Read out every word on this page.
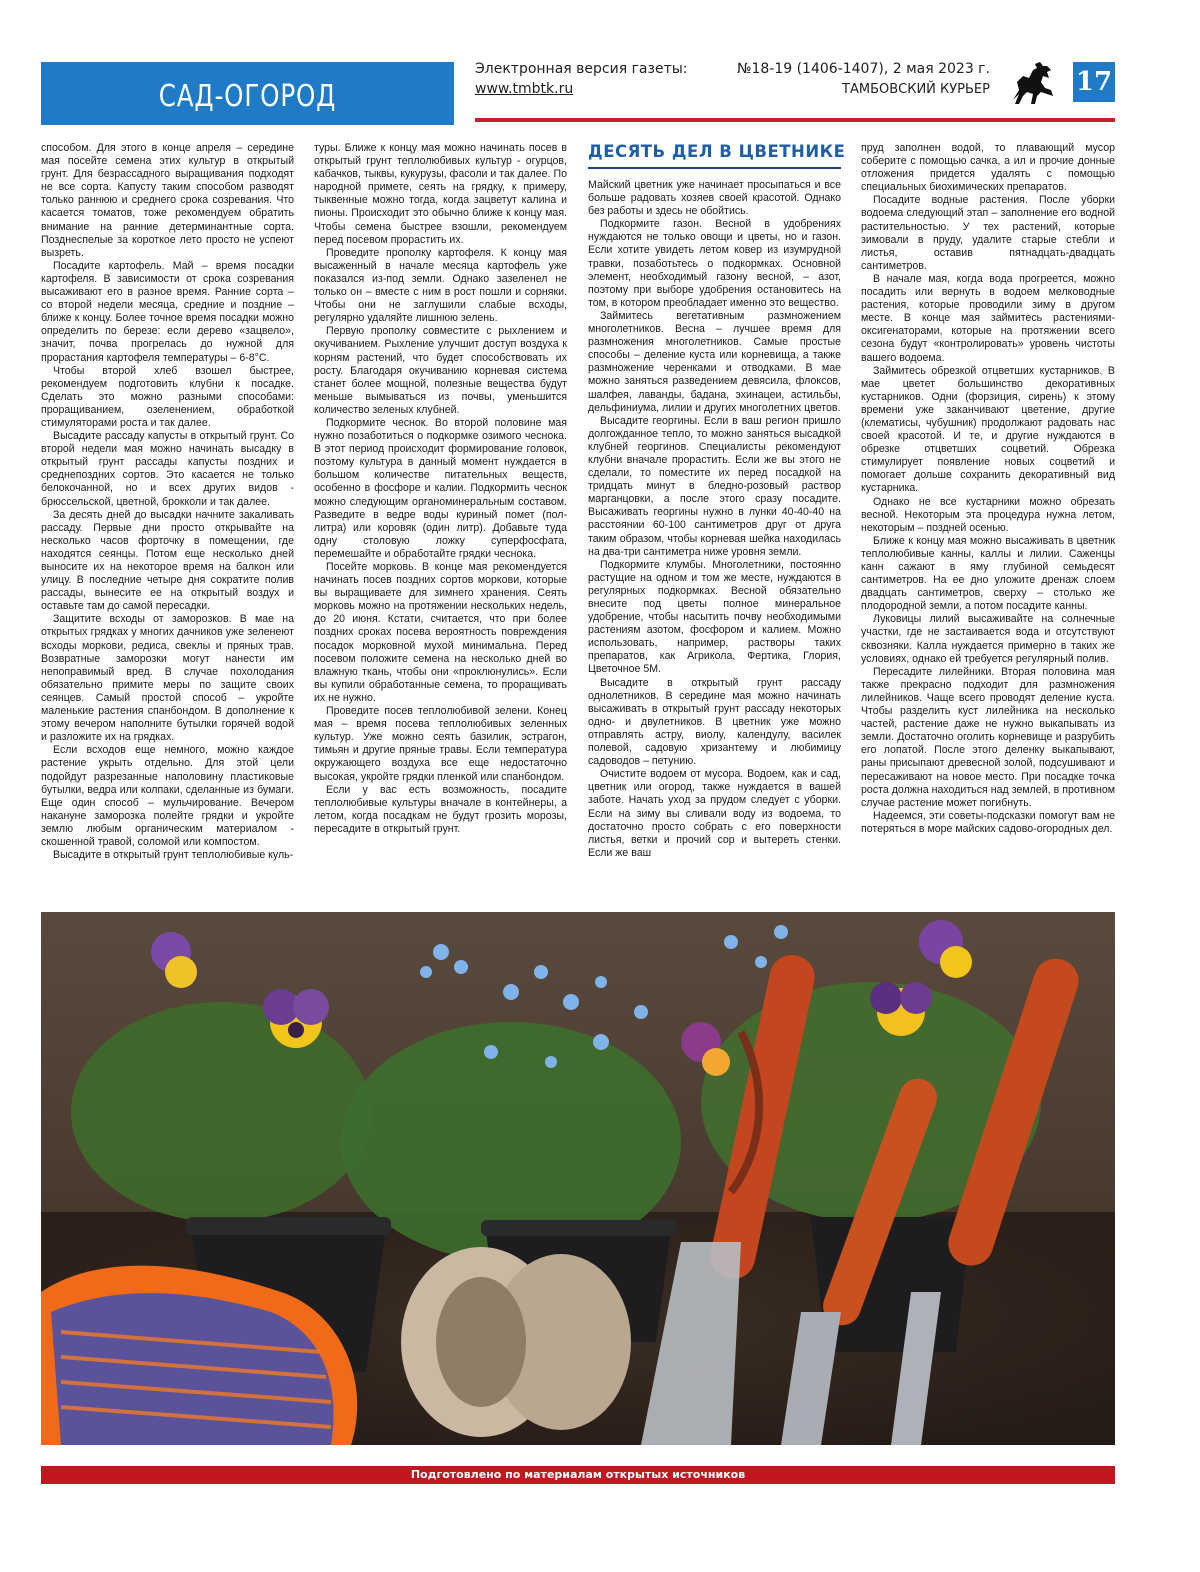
САД-ОГОРОД
Электронная версия газеты:
www.tmbtk.ru
№18-19 (1406-1407), 2 мая 2023 г.
ТАМБОВСКИЙ КУРЬЕР	17

способом. Для этого в конце апреля – середине мая посейте семена этих культур в открытый грунт. Для безрассадного выращивания подходят не все сорта. Капусту таким способом разводят только раннюю и среднего срока созревания. Что касается томатов, тоже рекомендуем обратить внимание на ранние детерминантные сорта. Позднеспелые за короткое лето просто не успеют вызреть.

Посадите картофель. Май – время посадки картофеля. В зависимости от срока созревания высаживают его в разное время. Ранние сорта – со второй недели месяца, средние и поздние – ближе к концу. Более точное время посадки можно определить по березе: если дерево «зацвело», значит, почва прогрелась до нужной для прорастания картофеля температуры – 6-8°С.

Чтобы второй хлеб взошел быстрее, рекомендуем подготовить клубни к посадке. Сделать это можно разными способами: проращиванием, озеленением, обработкой стимуляторами роста и так далее.

Высадите рассаду капусты в открытый грунт. Со второй недели мая можно начинать высадку в открытый грунт рассады капусты поздних и среднепоздних сортов. Это касается не только белокочанной, но и всех других видов - брюссельской, цветной, брокколи и так далее.

За десять дней до высадки начните закаливать рассаду. Первые дни просто открывайте на несколько часов форточку в помещении, где находятся сеянцы. Потом еще несколько дней выносите их на некоторое время на балкон или улицу. В последние четыре дня сократите полив рассады, вынесите ее на открытый воздух и оставьте там до самой пересадки.

Защитите всходы от заморозков. В мае на открытых грядках у многих дачников уже зеленеют всходы моркови, редиса, свеклы и пряных трав. Возвратные заморозки могут нанести им непоправимый вред. В случае похолодания обязательно примите меры по защите своих сеянцев. Самый простой способ – укройте маленькие растения спанбондом. В дополнение к этому вечером наполните бутылки горячей водой и разложите их на грядках.

Если всходов еще немного, можно каждое растение укрыть отдельно. Для этой цели подойдут разрезанные наполовину пластиковые бутылки, ведра или колпаки, сделанные из бумаги. Еще один способ – мульчирование. Вечером накануне заморозка полейте грядки и укройте землю любым органическим материалом - скошенной травой, соломой или компостом.

Высадите в открытый грунт теплолюбивые куль-

туры. Ближе к концу мая можно начинать посев в открытый грунт теплолюбивых культур - огурцов, кабачков, тыквы, кукурузы, фасоли и так далее. По народной примете, сеять на грядку, к примеру, тыквенные можно тогда, когда зацветут калина и пионы. Происходит это обычно ближе к концу мая. Чтобы семена быстрее взошли, рекомендуем перед посевом прорастить их.

Проведите прополку картофеля. К концу мая высаженный в начале месяца картофель уже показался из-под земли. Однако зазеленел не только он – вместе с ним в рост пошли и сорняки. Чтобы они не заглушили слабые всходы, регулярно удаляйте лишнюю зелень.

Первую прополку совместите с рыхлением и окучиванием. Рыхление улучшит доступ воздуха к корням растений, что будет способствовать их росту. Благодаря окучиванию корневая система станет более мощной, полезные вещества будут меньше вымываться из почвы, уменьшится количество зеленых клубней.

Подкормите чеснок. Во второй половине мая нужно позаботиться о подкормке озимого чеснока. В этот период происходит формирование головок, поэтому культура в данный момент нуждается в большом количестве питательных веществ, особенно в фосфоре и калии. Подкормить чеснок можно следующим органоминеральным составом. Разведите в ведре воды куриный помет (пол-литра) или коровяк (один литр). Добавьте туда одну столовую ложку суперфосфата, перемешайте и обработайте грядки чеснока.

Посейте морковь. В конце мая рекомендуется начинать посев поздних сортов моркови, которые вы выращиваете для зимнего хранения. Сеять морковь можно на протяжении нескольких недель, до 20 июня. Кстати, считается, что при более поздних сроках посева вероятность повреждения посадок морковной мухой минимальна. Перед посевом положите семена на несколько дней во влажную ткань, чтобы они «проклюнулись». Если вы купили обработанные семена, то проращивать их не нужно.

Проведите посев теплолюбивой зелени. Конец мая – время посева теплолюбивых зеленных культур. Уже можно сеять базилик, эстрагон, тимьян и другие пряные травы. Если температура окружающего воздуха все еще недостаточно высокая, укройте грядки пленкой или спанбондом.

Если у вас есть возможность, посадите теплолюбивые культуры вначале в контейнеры, а летом, когда посадкам не будут грозить морозы, пересадите в открытый грунт.

ДЕСЯТЬ ДЕЛ В ЦВЕТНИКЕ

Майский цветник уже начинает просыпаться и все больше радовать хозяев своей красотой. Однако без работы и здесь не обойтись.

Подкормите газон. Весной в удобрениях нуждаются не только овощи и цветы, но и газон. Если хотите увидеть летом ковер из изумрудной травки, позаботьтесь о подкормках. Основной элемент, необходимый газону весной, – азот, поэтому при выборе удобрения остановитесь на том, в котором преобладает именно это вещество.

Займитесь вегетативным размножением многолетников. Весна – лучшее время для размножения многолетников. Самые простые способы – деление куста или корневища, а также размножение черенками и отводками. В мае можно заняться разведением девясила, флоксов, шалфея, лаванды, бадана, эхинацеи, астильбы, дельфиниума, лилии и других многолетних цветов.

Высадите георгины. Если в ваш регион пришло долгожданное тепло, то можно заняться высадкой клубней георгинов. Специалисты рекомендуют клубни вначале прорастить. Если же вы этого не сделали, то поместите их перед посадкой на тридцать минут в бледно-розовый раствор марганцовки, а после этого сразу посадите. Высаживать георгины нужно в лунки 40-40-40 на расстоянии 60-100 сантиметров друг от друга таким образом, чтобы корневая шейка находилась на два-три сантиметра ниже уровня земли.

Подкормите клумбы. Многолетники, постоянно растущие на одном и том же месте, нуждаются в регулярных подкормках. Весной обязательно внесите под цветы полное минеральное удобрение, чтобы насытить почву необходимыми растениям азотом, фосфором и калием. Можно использовать, например, растворы таких препаратов, как Агрикола, Фертика, Глория, Цветочное 5М.

Высадите в открытый грунт рассаду однолетников. В середине мая можно начинать высаживать в открытый грунт рассаду некоторых одно- и двулетников. В цветник уже можно отправлять астру, виолу, календулу, василек полевой, садовую хризантему и любимицу садоводов – петунию.

Очистите водоем от мусора. Водоем, как и сад, цветник или огород, также нуждается в вашей заботе. Начать уход за прудом следует с уборки. Если на зиму вы сливали воду из водоема, то достаточно просто собрать с его поверхности листья, ветки и прочий сор и вытереть стенки. Если же ваш

пруд заполнен водой, то плавающий мусор соберите с помощью сачка, а ил и прочие донные отложения придется удалять с помощью специальных биохимических препаратов.

Посадите водные растения. После уборки водоема следующий этап – заполнение его водной растительностью. У тех растений, которые зимовали в пруду, удалите старые стебли и листья, оставив пятнадцать-двадцать сантиметров.

В начале мая, когда вода прогреется, можно посадить или вернуть в водоем мелководные растения, которые проводили зиму в другом месте. В конце мая займитесь растениями-оксигенаторами, которые на протяжении всего сезона будут «контролировать» уровень чистоты вашего водоема.

Займитесь обрезкой отцветших кустарников. В мае цветет большинство декоративных кустарников. Одни (форзиция, сирень) к этому времени уже заканчивают цветение, другие (клематисы, чубушник) продолжают радовать нас своей красотой. И те, и другие нуждаются в обрезке отцветших соцветий. Обрезка стимулирует появление новых соцветий и помогает дольше сохранить декоративный вид кустарника.

Однако не все кустарники можно обрезать весной. Некоторым эта процедура нужна летом, некоторым – поздней осенью.

Ближе к концу мая можно высаживать в цветник теплолюбивые канны, каллы и лилии. Саженцы канн сажают в яму глубиной семьдесят сантиметров. На ее дно уложите дренаж слоем двадцать сантиметров, сверху – столько же плодородной земли, а потом посадите канны.

Луковицы лилий высаживайте на солнечные участки, где не застаивается вода и отсутствуют сквозняки. Калла нуждается примерно в таких же условиях, однако ей требуется регулярный полив.

Пересадите лилейники. Вторая половина мая также прекрасно подходит для размножения лилейников. Чаще всего проводят деление куста. Чтобы разделить куст лилейника на несколько частей, растение даже не нужно выкапывать из земли. Достаточно оголить корневище и разрубить его лопатой. После этого деленку выкапывают, раны присыпают древесной золой, подсушивают и пересаживают на новое место. При посадке точка роста должна находиться над землей, в противном случае растение может погибнуть.

Надеемся, эти советы-подсказки помогут вам не потеряться в море майских садово-огородных дел.

Подготовлено по материалам открытых источников
